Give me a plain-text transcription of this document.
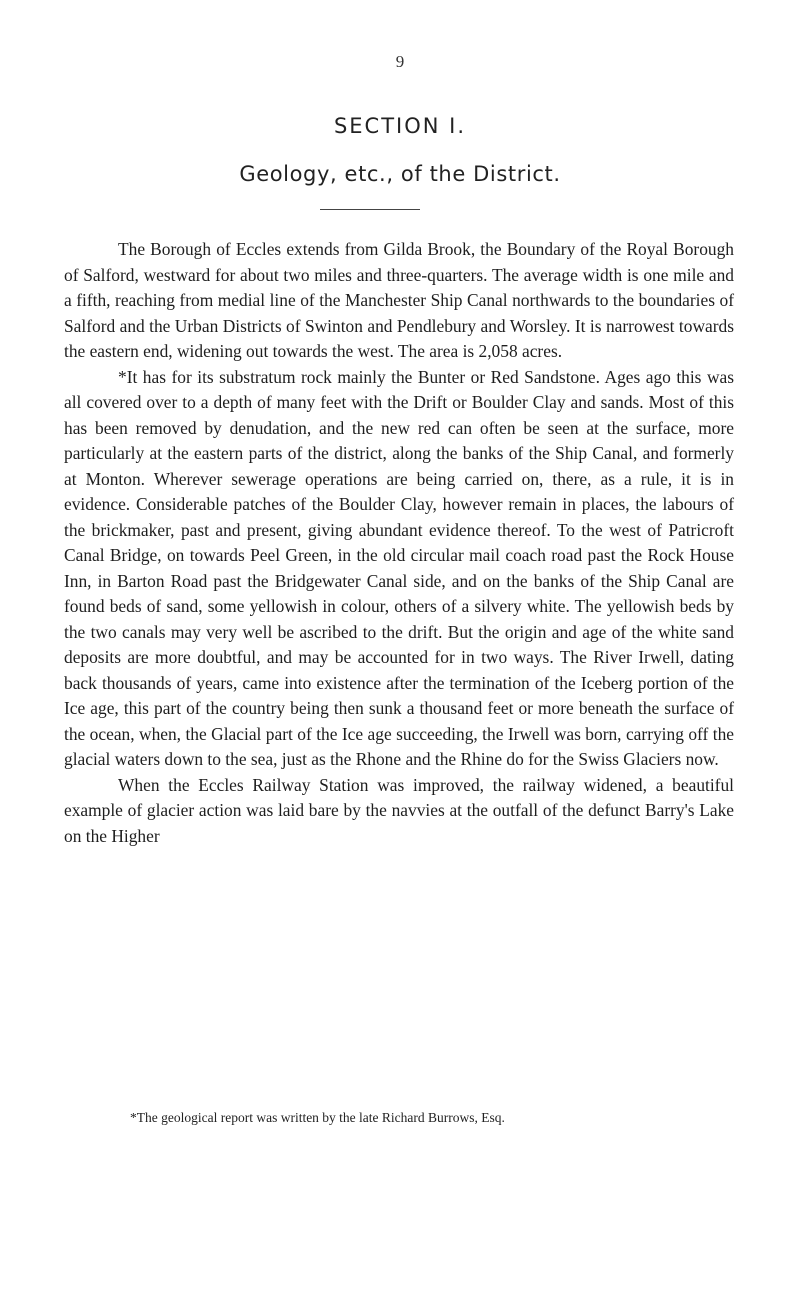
9
SECTION I.
Geology, etc., of the District.

The Borough of Eccles extends from Gilda Brook, the Boundary of the Royal Borough of Salford, westward for about two miles and three-quarters. The average width is one mile and a fifth, reaching from medial line of the Manchester Ship Canal northwards to the boundaries of Salford and the Urban Districts of Swinton and Pendlebury and Worsley. It is narrowest towards the eastern end, widening out towards the west. The area is 2,058 acres.

*It has for its substratum rock mainly the Bunter or Red Sandstone. Ages ago this was all covered over to a depth of many feet with the Drift or Boulder Clay and sands. Most of this has been removed by denudation, and the new red can often be seen at the surface, more particularly at the eastern parts of the district, along the banks of the Ship Canal, and formerly at Monton. Wherever sewerage operations are being carried on, there, as a rule, it is in evidence. Considerable patches of the Boulder Clay, however remain in places, the labours of the brickmaker, past and present, giving abundant evidence thereof. To the west of Patricroft Canal Bridge, on towards Peel Green, in the old circular mail coach road past the Rock House Inn, in Barton Road past the Bridgewater Canal side, and on the banks of the Ship Canal are found beds of sand, some yellowish in colour, others of a silvery white. The yellowish beds by the two canals may very well be ascribed to the drift. But the origin and age of the white sand deposits are more doubtful, and may be accounted for in two ways. The River Irwell, dating back thousands of years, came into existence after the termination of the Iceberg portion of the Ice age, this part of the country being then sunk a thousand feet or more beneath the surface of the ocean, when, the Glacial part of the Ice age succeeding, the Irwell was born, carrying off the glacial waters down to the sea, just as the Rhone and the Rhine do for the Swiss Glaciers now.

When the Eccles Railway Station was improved, the railway widened, a beautiful example of glacier action was laid bare by the navvies at the outfall of the defunct Barry's Lake on the Higher

*The geological report was written by the late Richard Burrows, Esq.
